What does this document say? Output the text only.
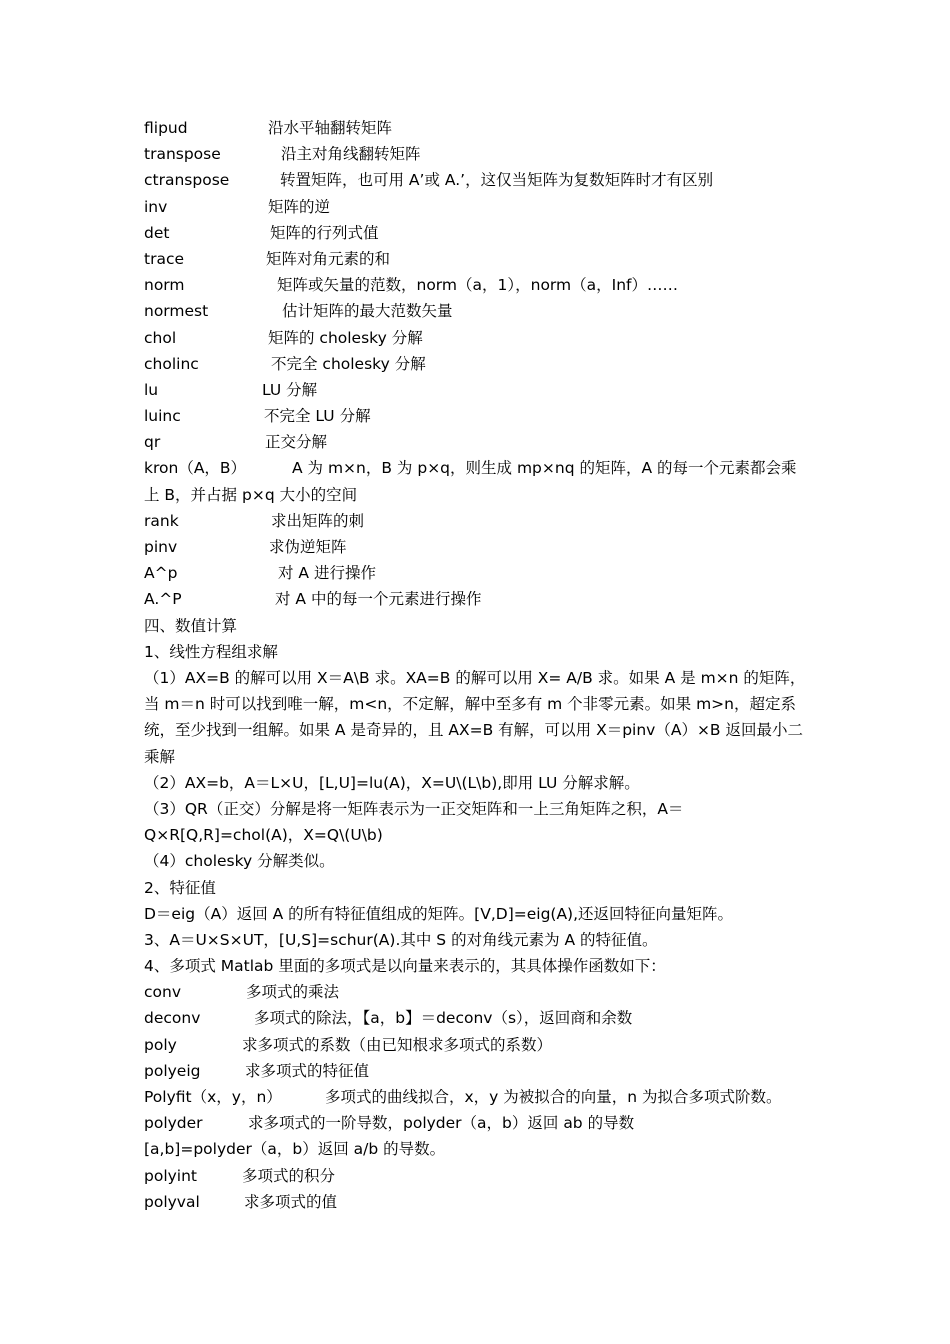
flipud	沿水平轴翻转矩阵
transpose	沿主对角线翻转矩阵
ctranspose	转置矩阵，也可用 A’或 A.’，这仅当矩阵为复数矩阵时才有区别
inv	矩阵的逆
det	矩阵的行列式值
trace	矩阵对角元素的和
norm	矩阵或矢量的范数，norm（a，1），norm（a，Inf）……
normest	估计矩阵的最大范数矢量
chol	矩阵的 cholesky 分解
cholinc	不完全 cholesky 分解
lu	LU 分解
luinc	不完全 LU 分解
qr	正交分解
kron（A，B）	A 为 m×n，B 为 p×q，则生成 mp×nq 的矩阵，A 的每一个元素都会乘
上 B，并占据 p×q 大小的空间
rank	求出矩阵的刺
pinv	求伪逆矩阵
A^p	对 A 进行操作
A.^P	对 A 中的每一个元素进行操作
四、数值计算
1、线性方程组求解
（1）AX=B 的解可以用 X＝A\B 求。XA=B 的解可以用 X= A/B 求。如果 A 是 m×n 的矩阵，当 m＝n 时可以找到唯一解，m<n，不定解，解中至多有 m 个非零元素。如果 m>n，超定系统，至少找到一组解。如果 A 是奇异的，且 AX=B 有解，可以用 X＝pinv（A）×B 返回最小二乘解
（2）AX=b，A＝L×U，[L,U]=lu(A)，X=U\(L\b),即用 LU 分解求解。
（3）QR（正交）分解是将一矩阵表示为一正交矩阵和一上三角矩阵之积，A＝
Q×R[Q,R]=chol(A)，X=Q\(U\b)
（4）cholesky 分解类似。
2、特征值
D＝eig（A）返回 A 的所有特征值组成的矩阵。[V,D]=eig(A),还返回特征向量矩阵。
3、A＝U×S×UT，[U,S]=schur(A).其中 S 的对角线元素为 A 的特征值。
4、多项式 Matlab 里面的多项式是以向量来表示的，其具体操作函数如下：
conv	多项式的乘法
deconv	多项式的除法，【a，b】＝deconv（s），返回商和余数
poly	求多项式的系数（由已知根求多项式的系数）
polyeig	求多项式的特征值
Polyfit（x，y，n）	多项式的曲线拟合，x，y 为被拟合的向量，n 为拟合多项式阶数。
polyder	求多项式的一阶导数，polyder（a，b）返回 ab 的导数
[a,b]=polyder（a，b）返回 a/b 的导数。
polyint	多项式的积分
polyval	求多项式的值
